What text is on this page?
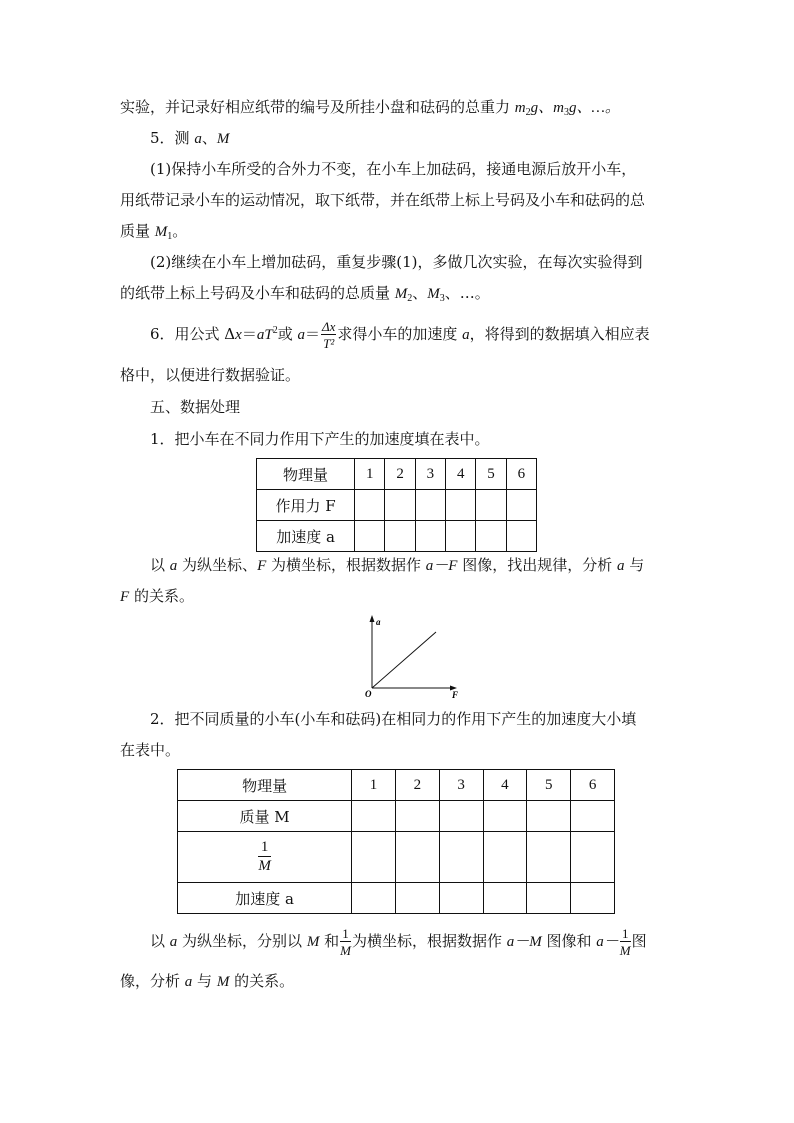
实验，并记录好相应纸带的编号及所挂小盘和砝码的总重力 $m_2g$、$m_3g$、…。
5．测 a、M
(1)保持小车所受的合外力不变，在小车上加砝码，接通电源后放开小车，
用纸带记录小车的运动情况，取下纸带，并在纸带上标上号码及小车和砝码的总
质量 $M_1$。
(2)继续在小车上增加砝码，重复步骤(1)，多做几次实验，在每次实验得到
的纸带上标上号码及小车和砝码的总质量 $M_2$、$M_3$、…。
6．用公式 $\Delta x=aT^2$或 $a= \frac{\Delta x}{\text{T²}}$ 求得小车的加速度 a，将得到的数据填入相应表
格中，以便进行数据验证。
五、数据处理
1．把小车在不同力作用下产生的加速度填在表中。
物理量	1	2	3	4	5	6
作用力 F						
加速度 a						
以 a 为纵坐标、F 为横坐标，根据数据作 a－F 图像，找出规律，分析 a 与
F 的关系。
a
F
O
2．把不同质量的小车(小车和砝码)在相同力的作用下产生的加速度大小填
在表中。
物理量	1	2	3	4	5	6
质量 M						

$\frac{1}{M}$

加速度 a						
以 a 为纵坐标，分别以 M 和 $\frac{1}{M}$ 为横坐标，根据数据作 a－M 图像和 $a- \frac{1}{M}$ 图
像，分析 a 与 M 的关系。
